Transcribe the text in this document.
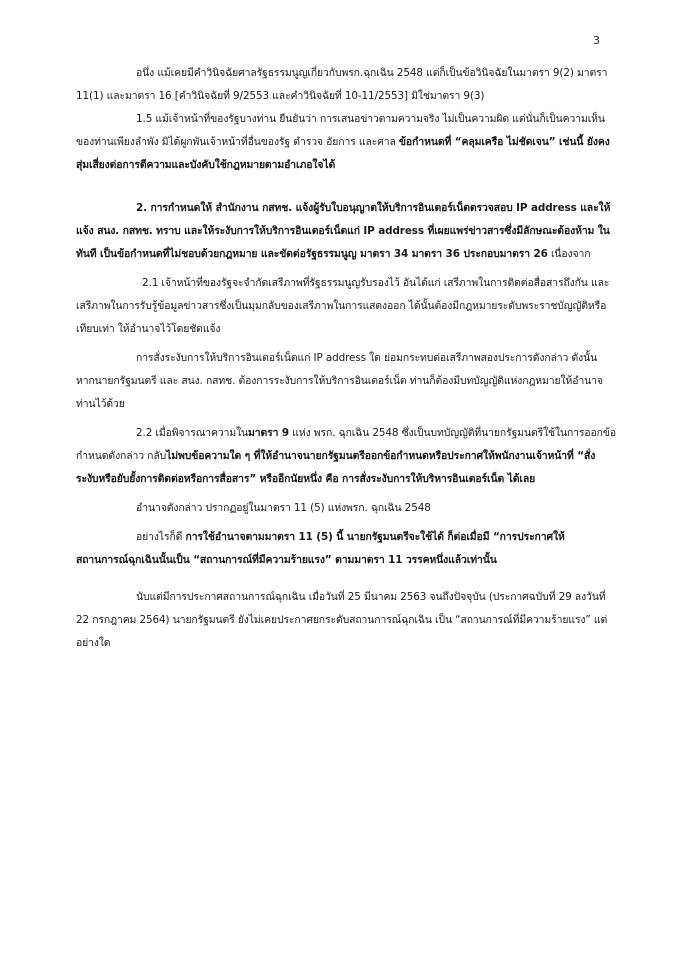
3

อนึ่ง แม้เคยมีคำวินิจฉัยศาลรัฐธรรมนูญเกี่ยวกับพรก.ฉุกเฉิน 2548 แต่ก็เป็นข้อวินิจฉัยในมาตรา 9(2) มาตรา 11(1) และมาตรา 16 [คำวินิจฉัยที่ 9/2553 และคำวินิจฉัยที่ 10-11/2553] มิใช่มาตรา 9(3)

1.5 แม้เจ้าหน้าที่ของรัฐบางท่าน ยืนยันว่า การเสนอข่าวตามความจริง ไม่เป็นความผิด แต่นั่นก็เป็นความเห็นของท่านเพียงลำพัง มิได้ผูกพันเจ้าหน้าที่อื่นของรัฐ ตำรวจ อัยการ และศาล ข้อกำหนดที่ “คลุมเครือ ไม่ชัดเจน” เช่นนี้ ยังคงสุ่มเสี่ยงต่อการตีความและบังคับใช้กฎหมายตามอำเภอใจได้

2. การกำหนดให้ สำนักงาน กสทช. แจ้งผู้รับใบอนุญาตให้บริการอินเตอร์เน็ตตรวจสอบ IP address และให้แจ้ง สนง. กสทช. ทราบ และให้ระงับการให้บริการอินเตอร์เน็ตแก่ IP address ที่เผยแพร่ข่าวสารซึ่งมีลักษณะต้องห้าม ในทันที เป็นข้อกำหนดที่ไม่ชอบด้วยกฎหมาย และขัดต่อรัฐธรรมนูญ มาตรา 34 มาตรา 36 ประกอบมาตรา 26 เนื่องจาก

2.1 เจ้าหน้าที่ของรัฐจะจำกัดเสรีภาพที่รัฐธรรมนูญรับรองไว้ อันได้แก่ เสรีภาพในการติดต่อสื่อสารถึงกัน และเสรีภาพในการรับรู้ข้อมูลข่าวสารซึ่งเป็นมุมกลับของเสรีภาพในการแสดงออก ได้นั้นต้องมีกฎหมายระดับพระราชบัญญัติหรือเทียบเท่า ให้อำนาจไว้โดยชัดแจ้ง

การสั่งระงับการให้บริการอินเตอร์เน็ตแก่ IP address ใด ย่อมกระทบต่อเสรีภาพสองประการดังกล่าว ดังนั้น หากนายกรัฐมนตรี และ สนง. กสทช. ต้องการระงับการให้บริการอินเตอร์เน็ต ท่านก็ต้องมีบทบัญญัติแห่งกฎหมายให้อำนาจท่านไว้ด้วย

2.2 เมื่อพิจารณาความในมาตรา 9 แห่ง พรก. ฉุกเฉิน 2548 ซึ่งเป็นบทบัญญัติที่นายกรัฐมนตรีใช้ในการออกข้อกำหนดดังกล่าว กลับไม่พบข้อความใด ๆ ที่ให้อำนาจนายกรัฐมนตรีออกข้อกำหนดหรือประกาศให้พนักงานเจ้าหน้าที่ “สั่งระงับหรือยับยั้งการติดต่อหรือการสื่อสาร” หรืออีกนัยหนึ่ง คือ การสั่งระงับการให้บริหารอินเตอร์เน็ต ได้เลย

อำนาจดังกล่าว ปรากฏอยู่ในมาตรา 11 (5) แห่งพรก. ฉุกเฉิน 2548

อย่างไรก็ดี การใช้อำนาจตามมาตรา 11 (5) นี้ นายกรัฐมนตรีจะใช้ได้ ก็ต่อเมื่อมี “การประกาศให้สถานการณ์ฉุกเฉินนั้นเป็น “สถานการณ์ที่มีความร้ายแรง” ตามมาตรา 11 วรรคหนึ่งแล้วเท่านั้น

นับแต่มีการประกาศสถานการณ์ฉุกเฉิน เมื่อวันที่ 25 มีนาคม 2563 จนถึงปัจจุบัน (ประกาศฉบับที่ 29 ลงวันที่ 22 กรกฎาคม 2564) นายกรัฐมนตรี ยังไม่เคยประกาศยกระดับสถานการณ์ฉุกเฉิน เป็น “สถานการณ์ที่มีความร้ายแรง” แต่อย่างใด
